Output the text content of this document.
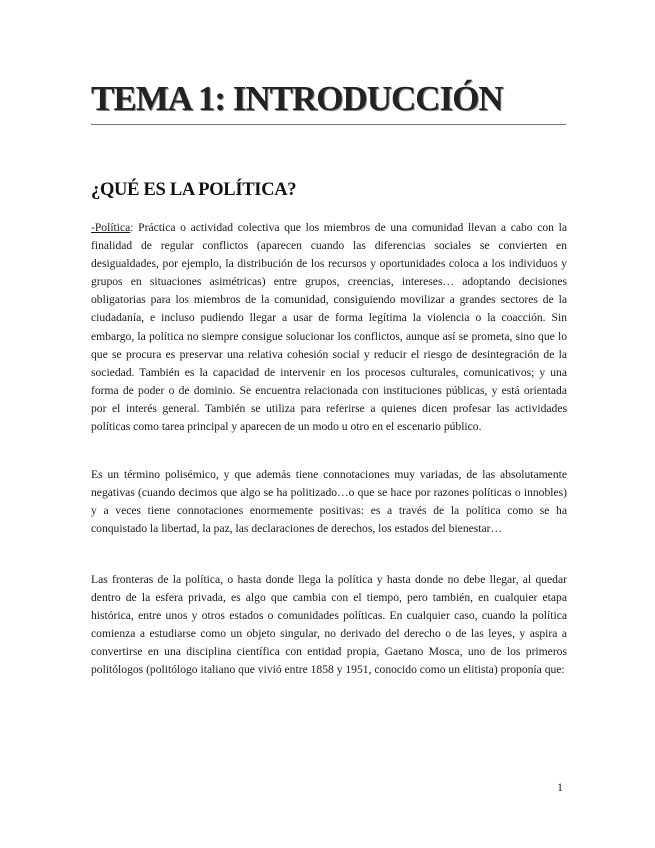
TEMA 1: INTRODUCCIÓN
¿QUÉ ES LA POLÍTICA?

-Política: Práctica o actividad colectiva que los miembros de una comunidad llevan a cabo con la finalidad de regular conflictos (aparecen cuando las diferencias sociales se convierten en desigualdades, por ejemplo, la distribución de los recursos y oportunidades coloca a los individuos y grupos en situaciones asimétricas) entre grupos, creencias, intereses… adoptando decisiones obligatorias para los miembros de la comunidad, consiguiendo movilizar a grandes sectores de la ciudadanía, e incluso pudiendo llegar a usar de forma legítima la violencia o la coacción. Sin embargo, la política no siempre consigue solucionar los conflictos, aunque así se prometa, sino que lo que se procura es preservar una relativa cohesión social y reducir el riesgo de desintegración de la sociedad. También es la capacidad de intervenir en los procesos culturales, comunicativos; y una forma de poder o de dominio. Se encuentra relacionada con instituciones públicas, y está orientada por el interés general. También se utiliza para referirse a quienes dicen profesar las actividades políticas como tarea principal y aparecen de un modo u otro en el escenario público.

Es un término polisémico, y que además tiene connotaciones muy variadas, de las absolutamente negativas (cuando decimos que algo se ha politizado…o que se hace por razones políticas o innobles) y a veces tiene connotaciones enormemente positivas: es a través de la política como se ha conquistado la libertad, la paz, las declaraciones de derechos, los estados del bienestar…

Las fronteras de la política, o hasta donde llega la política y hasta donde no debe llegar, al quedar dentro de la esfera privada, es algo que cambia con el tiempo, pero también, en cualquier etapa histórica, entre unos y otros estados o comunidades políticas. En cualquier caso, cuando la política comienza a estudiarse como un objeto singular, no derivado del derecho o de las leyes, y aspira a convertirse en una disciplina científica con entidad propia, Gaetano Mosca, uno de los primeros politólogos (politólogo italiano que vivió entre 1858 y 1951, conocido como un elitista) proponía que:

1
